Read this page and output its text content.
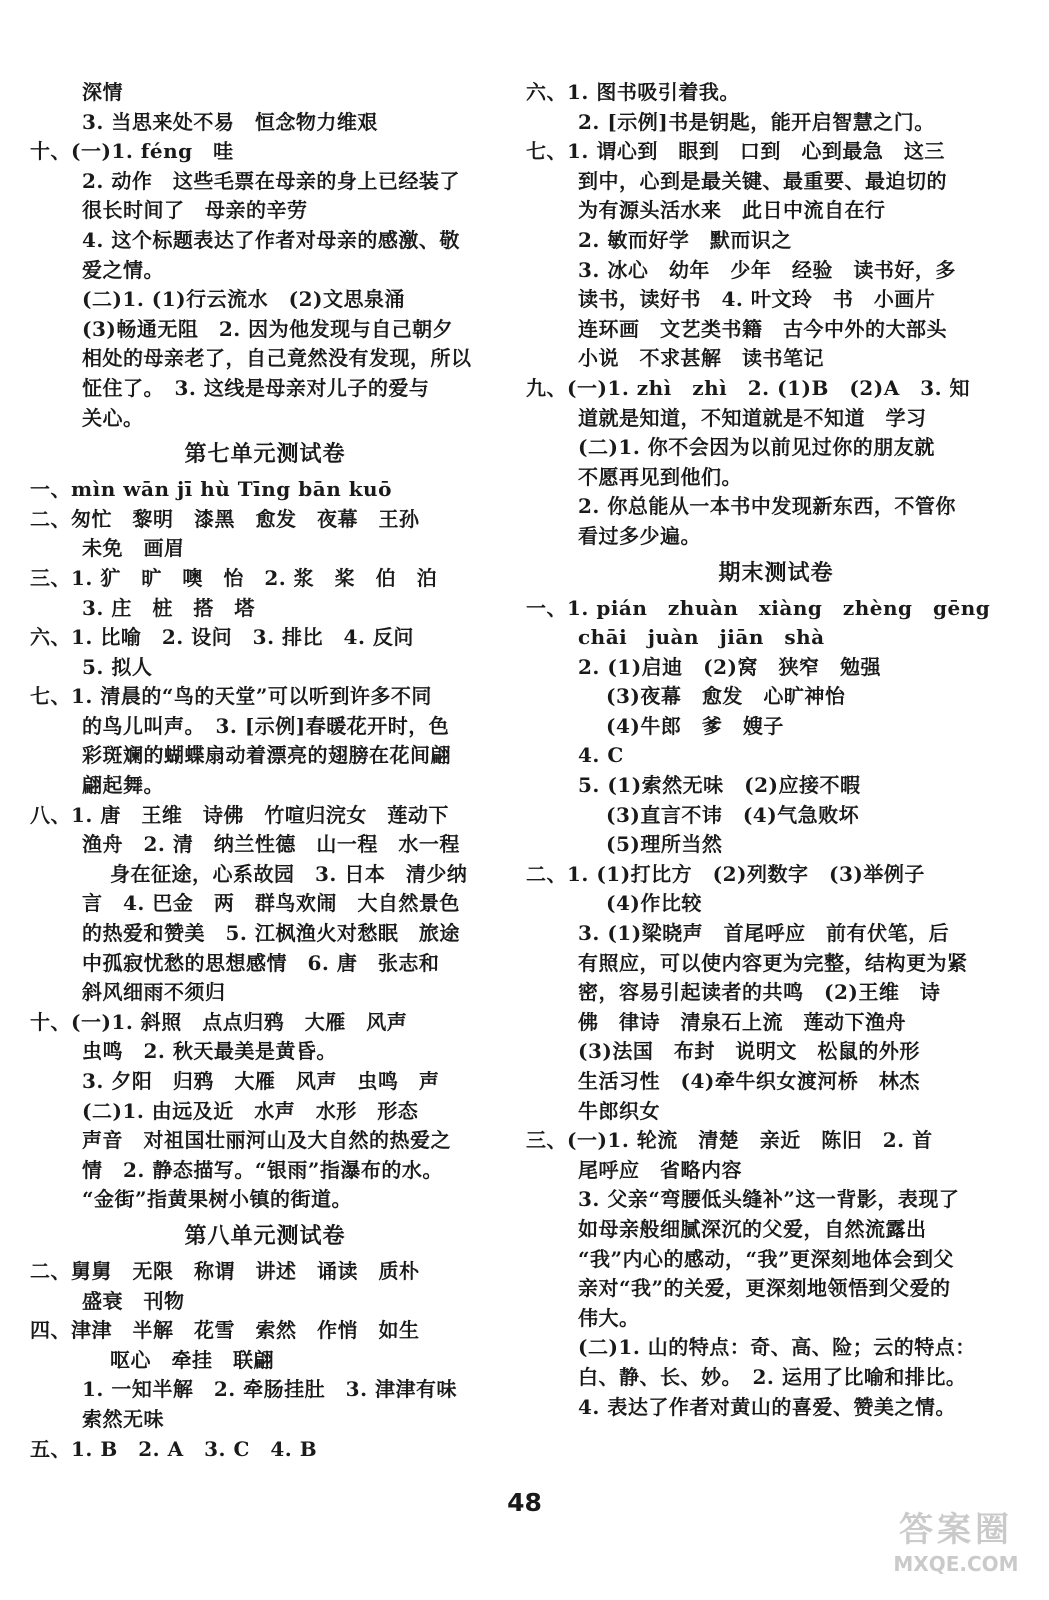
深情
3. 当思来处不易　恒念物力维艰
十、(一)1. féng　哇
2. 动作　这些毛票在母亲的身上已经装了
很长时间了　母亲的辛劳
4. 这个标题表达了作者对母亲的感激、敬
爱之情。
(二)1. (1)行云流水　(2)文思泉涌
(3)畅通无阻　2. 因为他发现与自己朝夕
相处的母亲老了，自己竟然没有发现，所以
怔住了。　3. 这线是母亲对儿子的爱与
关心。
第七单元测试卷
一、mìn wān jī hù Tīng bān kuō
二、匆忙　黎明　漆黑　愈发　夜幕　王孙
未免　画眉
三、1. 犷　旷　噢　怡　2. 浆　桨　伯　泊
3. 庄　桩　搭　塔
六、1. 比喻　2. 设问　3. 排比　4. 反问
5. 拟人
七、1. 清晨的“鸟的天堂”可以听到许多不同
的鸟儿叫声。　3. [示例]春暖花开时，色
彩斑斓的蝴蝶扇动着漂亮的翅膀在花间翩
翩起舞。
八、1. 唐　王维　诗佛　竹喧归浣女　莲动下
渔舟　2. 清　纳兰性德　山一程　水一程
身在征途，心系故园　3. 日本　清少纳
言　4. 巴金　两　群鸟欢闹　大自然景色
的热爱和赞美　5. 江枫渔火对愁眠　旅途
中孤寂忧愁的思想感情　6. 唐　张志和
斜风细雨不须归
十、(一)1. 斜照　点点归鸦　大雁　风声
虫鸣　2. 秋天最美是黄昏。
3. 夕阳　归鸦　大雁　风声　虫鸣　声
(二)1. 由远及近　水声　水形　形态
声音　对祖国壮丽河山及大自然的热爱之
情　2. 静态描写。“银雨”指瀑布的水。
“金街”指黄果树小镇的街道。
第八单元测试卷
二、舅舅　无限　称谓　讲述　诵读　质朴
盛衰　刊物
四、津津　半解　花雪　索然　作悄　如生
呕心　牵挂　联翩
1. 一知半解　2. 牵肠挂肚　3. 津津有味
索然无味
五、1. B　2. A　3. C　4. B
六、1. 图书吸引着我。
2. [示例]书是钥匙，能开启智慧之门。
七、1. 谓心到　眼到　口到　心到最急　这三
到中，心到是最关键、最重要、最迫切的
为有源头活水来　此日中流自在行
2. 敏而好学　默而识之
3. 冰心　幼年　少年　经验　读书好，多
读书，读好书　4. 叶文玲　书　小画片
连环画　文艺类书籍　古今中外的大部头
小说　不求甚解　读书笔记
九、(一)1. zhì　zhì　2. (1)B　(2)A　3. 知
道就是知道，不知道就是不知道　学习
(二)1. 你不会因为以前见过你的朋友就
不愿再见到他们。
2. 你总能从一本书中发现新东西，不管你
看过多少遍。
期末测试卷
一、1. pián　zhuàn　xiàng　zhèng　gēng
chāi　juàn　jiān　shà
2. (1)启迪　(2)窝　狭窄　勉强
(3)夜幕　愈发　心旷神怡
(4)牛郎　爹　嫂子
4. C
5. (1)索然无味　(2)应接不暇
(3)直言不讳　(4)气急败坏
(5)理所当然
二、1. (1)打比方　(2)列数字　(3)举例子
(4)作比较
3. (1)梁晓声　首尾呼应　前有伏笔，后
有照应，可以使内容更为完整，结构更为紧
密，容易引起读者的共鸣　(2)王维　诗
佛　律诗　清泉石上流　莲动下渔舟
(3)法国　布封　说明文　松鼠的外形
生活习性　(4)牵牛织女渡河桥　林杰
牛郎织女
三、(一)1. 轮流　清楚　亲近　陈旧　2. 首
尾呼应　省略内容
3. 父亲“弯腰低头缝补”这一背影，表现了
如母亲般细腻深沉的父爱，自然流露出
“我”内心的感动，“我”更深刻地体会到父
亲对“我”的关爱，更深刻地领悟到父爱的
伟大。
(二)1. 山的特点：奇、高、险；云的特点：
白、静、长、妙。　2. 运用了比喻和排比。
4. 表达了作者对黄山的喜爱、赞美之情。
48
答案圈
MXQE.COM
